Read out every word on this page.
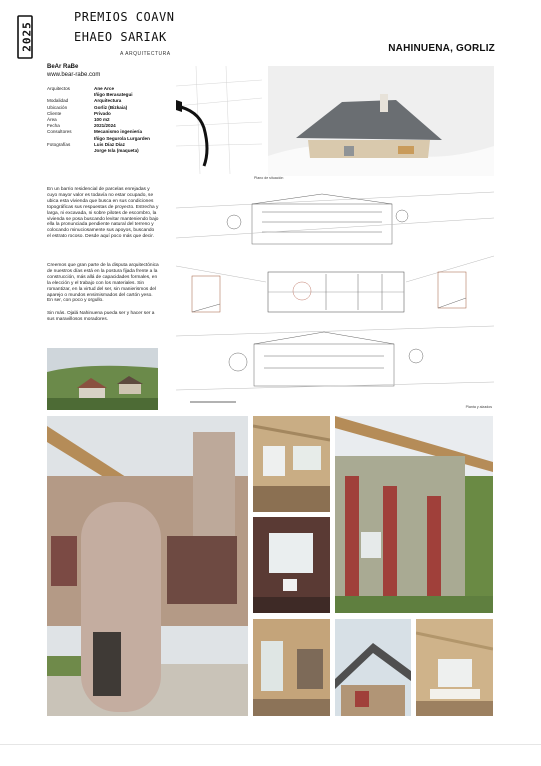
2025
PREMIOS COAVN
EHAEO SARIAK
A ARQUITECTURA	NAHINUENA, GORLIZ
BeAr RaBe
www.bear-rabe.com
Arquitectos	Ane Arce
Iñigo Berasategui
Modalidad	Arquitectura
Ubicación	Gorliz (Bizkaia)
Cliente	Privado
Área	100 m2
Fecha	2021/2024
Consultores	Mecanismo ingeniería
Iñigo Segurola Lurgarden
Fotografías	Luis Díaz Díaz
Jorge Isla (maqueta)
En un barrio residencial de parcelas enrejadas y cuyo mayor valor es todavía no estar ocupado, se ubica esta vivienda que busca en sus condiciones topográficas sus respuestas de proyecto. Estrecha y larga, ni excavada, ni sobre pilotes de escombro, la vivienda se posa buscando levitar manteniendo bajo ella la pronunciada pendiente natural del terreno y colocando minuciosamente sus apoyos, buscando el estrato rocoso. Desde aquí poco más que decir.
Creemos que gran parte de la disputa arquitectónica de nuestros días está en la postura fijada frente a la construcción, más allá de capacidades formales, en la elección y el trabajo con los materiales. Sin romantizar, en la virtud del ser, sin manierismos del aparejo o mundos ensimismados del cartón yeso. En ser, con poco y orgullo.
Sin más. Ojalá Nahinuena pueda ser y hacer ser a sus maravillosos moradores.
Plano de situación
Planta y alzados
